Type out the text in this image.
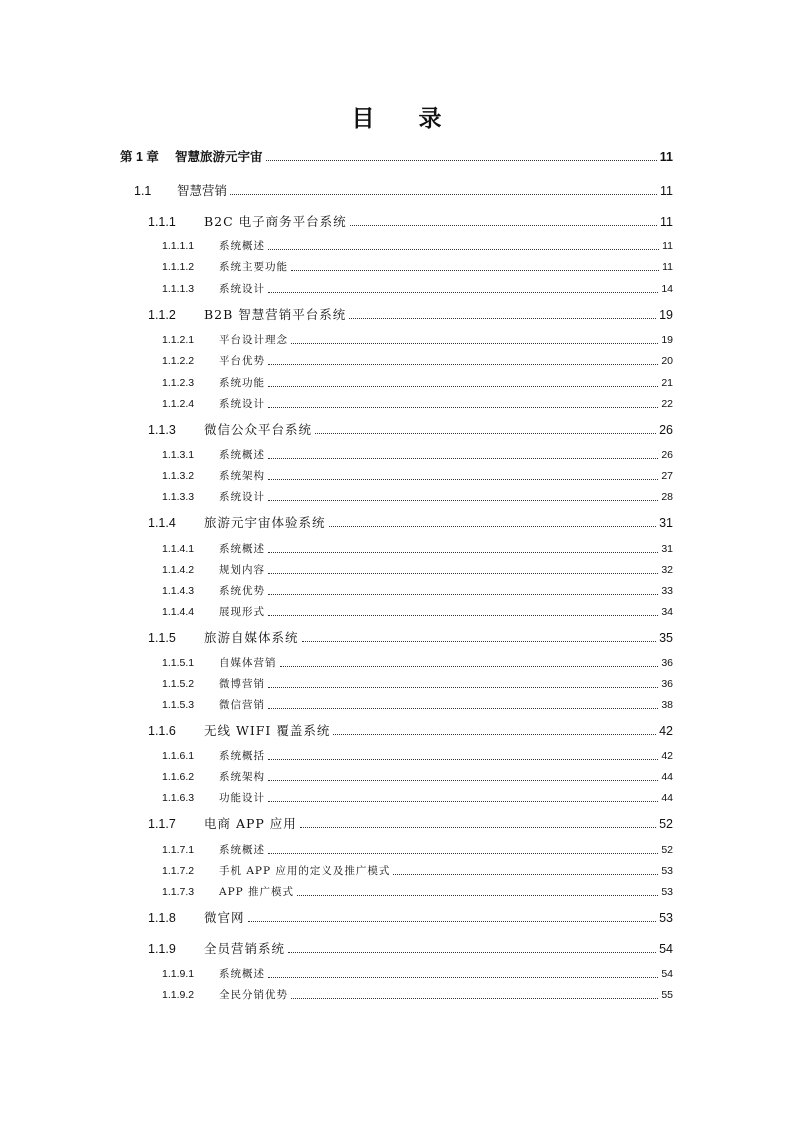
目 录
第 1 章 智慧旅游元宇宙	11
1.1 智慧营销	11
1.1.1 B2C 电子商务平台系统	11
1.1.1.1 系统概述	11
1.1.1.2 系统主要功能	11
1.1.1.3 系统设计	14
1.1.2 B2B 智慧营销平台系统	19
1.1.2.1 平台设计理念	19
1.1.2.2 平台优势	20
1.1.2.3 系统功能	21
1.1.2.4 系统设计	22
1.1.3 微信公众平台系统	26
1.1.3.1 系统概述	26
1.1.3.2 系统架构	27
1.1.3.3 系统设计	28
1.1.4 旅游元宇宙体验系统	31
1.1.4.1 系统概述	31
1.1.4.2 规划内容	32
1.1.4.3 系统优势	33
1.1.4.4 展现形式	34
1.1.5 旅游自媒体系统	35
1.1.5.1 自媒体营销	36
1.1.5.2 微博营销	36
1.1.5.3 微信营销	38
1.1.6 无线 WIFI 覆盖系统	42
1.1.6.1 系统概括	42
1.1.6.2 系统架构	44
1.1.6.3 功能设计	44
1.1.7 电商 APP 应用	52
1.1.7.1 系统概述	52
1.1.7.2 手机 APP 应用的定义及推广模式	53
1.1.7.3 APP 推广模式	53
1.1.8 微官网	53
1.1.9 全员营销系统	54
1.1.9.1 系统概述	54
1.1.9.2 全民分销优势	55
